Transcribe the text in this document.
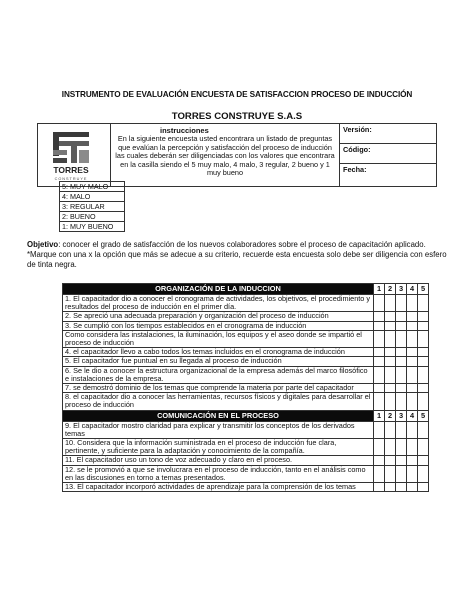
INSTRUMENTO DE EVALUACIÓN ENCUESTA DE SATISFACCION PROCESO DE INDUCCIÓN
TORRES CONSTRUYE S.A.S
TORRES
CONSTRUYE

instrucciones
En la siguiente encuesta usted encontrara un listado de preguntas que evalúan la percepción y satisfacción del proceso de inducción las cuales deberán ser diligenciadas con los valores que encontrara en la casilla siendo el 5 muy malo, 4 malo, 3 regular, 2 bueno y 1 muy bueno
	Versión:
Código:
Fecha:
5: MUY MALO
4: MALO
3: REGULAR
2: BUENO
1: MUY BUENO
Objetivo: conocer el grado de satisfacción de los nuevos colaboradores sobre el proceso de capacitación aplicado.
*Marque con una x la opción que más se adecue a su criterio, recuerde esta encuesta solo debe ser diligencia con esfero de tinta negra.
ORGANIZACIÓN DE LA INDUCCION	1	2	3	4	5
1. El capacitador dio a conocer el cronograma de actividades, los objetivos, el procedimiento y resultados del proceso de inducción en el primer día.					
2. Se apreció una adecuada preparación y organización del proceso de inducción					
3. Se cumplió con los tiempos establecidos en el cronograma de inducción					
Como considera las instalaciones, la iluminación, los equipos y el aseo donde se impartió el proceso de inducción					
4. el capacitador llevo a cabo todos los temas incluidos en el cronograma de inducción					
5. El capacitador fue puntual en su llegada al proceso de inducción					
6. Se le dio a conocer la estructura organizacional de la empresa además del marco filosófico e instalaciones de la empresa.					
7. se demostró dominio de los temas que comprende la materia por parte del capacitador					
8. el capacitador dio a conocer las herramientas, recursos físicos y digitales para desarrollar el proceso de inducción					
COMUNICACIÓN EN EL PROCESO	1	2	3	4	5
9. El capacitador mostro claridad para explicar y transmitir los conceptos de los derivados temas					
10. Considera que la información suministrada en el proceso de inducción fue clara, pertinente, y suficiente para la adaptación y conocimiento de la compañía.					
11. El capacitador uso un tono de voz adecuado y claro en el proceso.					
12. se le promovió a que se involucrara en el proceso de inducción, tanto en el análisis como en las discusiones en torno a temas presentados.					
13. El capacitador incorporó actividades de aprendizaje para la comprensión de los temas					
